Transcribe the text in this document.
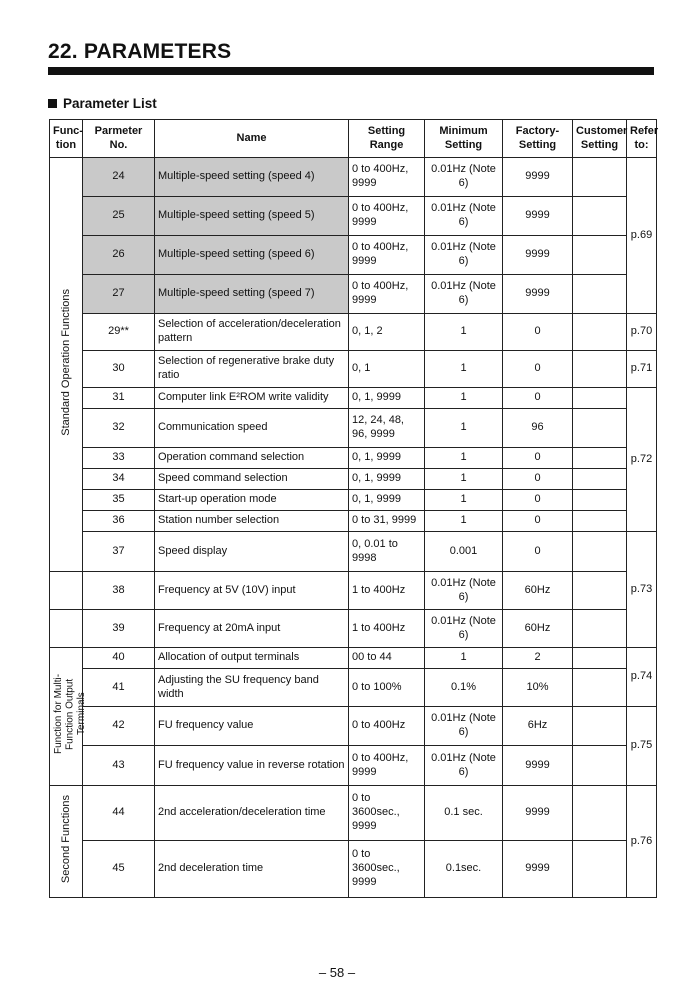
22. PARAMETERS
Parameter List
Func-tion	Parmeter No.	Name	Setting Range	Minimum Setting	Factory-Setting	Customer Setting	Refer to:
Standard Operation Functions	24	Multiple-speed setting (speed 4)	0 to 400Hz, 9999	0.01Hz (Note 6)	9999		p.69
	25	Multiple-speed setting (speed 5)	0 to 400Hz, 9999	0.01Hz (Note 6)	9999		
	26	Multiple-speed setting (speed 6)	0 to 400Hz, 9999	0.01Hz (Note 6)	9999		
	27	Multiple-speed setting (speed 7)	0 to 400Hz, 9999	0.01Hz (Note 6)	9999		
	29**	Selection of acceleration/deceleration pattern	0, 1, 2	1	0		p.70
	30	Selection of regenerative brake duty ratio	0, 1	1	0		p.71
	31	Computer link E²ROM write validity	0, 1, 9999	1	0		p.72
	32	Communication speed	12, 24, 48, 96, 9999	1	96		
	33	Operation command selection	0, 1, 9999	1	0		
	34	Speed command selection	0, 1, 9999	1	0		
	35	Start-up operation mode	0, 1, 9999	1	0		
	36	Station number selection	0 to 31, 9999	1	0		
	37	Speed display	0, 0.01 to 9998	0.001	0		p.73
	38	Frequency at 5V (10V) input	1 to 400Hz	0.01Hz (Note 6)	60Hz		
	39	Frequency at 20mA input	1 to 400Hz	0.01Hz (Note 6)	60Hz		
Function for Multi-Function Output Terminals	40	Allocation of output terminals	00 to 44	1	2		p.74
	41	Adjusting the SU frequency band width	0 to 100%	0.1%	10%		
	42	FU frequency value	0 to 400Hz	0.01Hz (Note 6)	6Hz		p.75
	43	FU frequency value in reverse rotation	0 to 400Hz, 9999	0.01Hz (Note 6)	9999		
Second Functions	44	2nd acceleration/deceleration time	0 to 3600sec., 9999	0.1 sec.	9999		p.76
	45	2nd deceleration time	0 to 3600sec., 9999	0.1sec.	9999		
– 58 –
